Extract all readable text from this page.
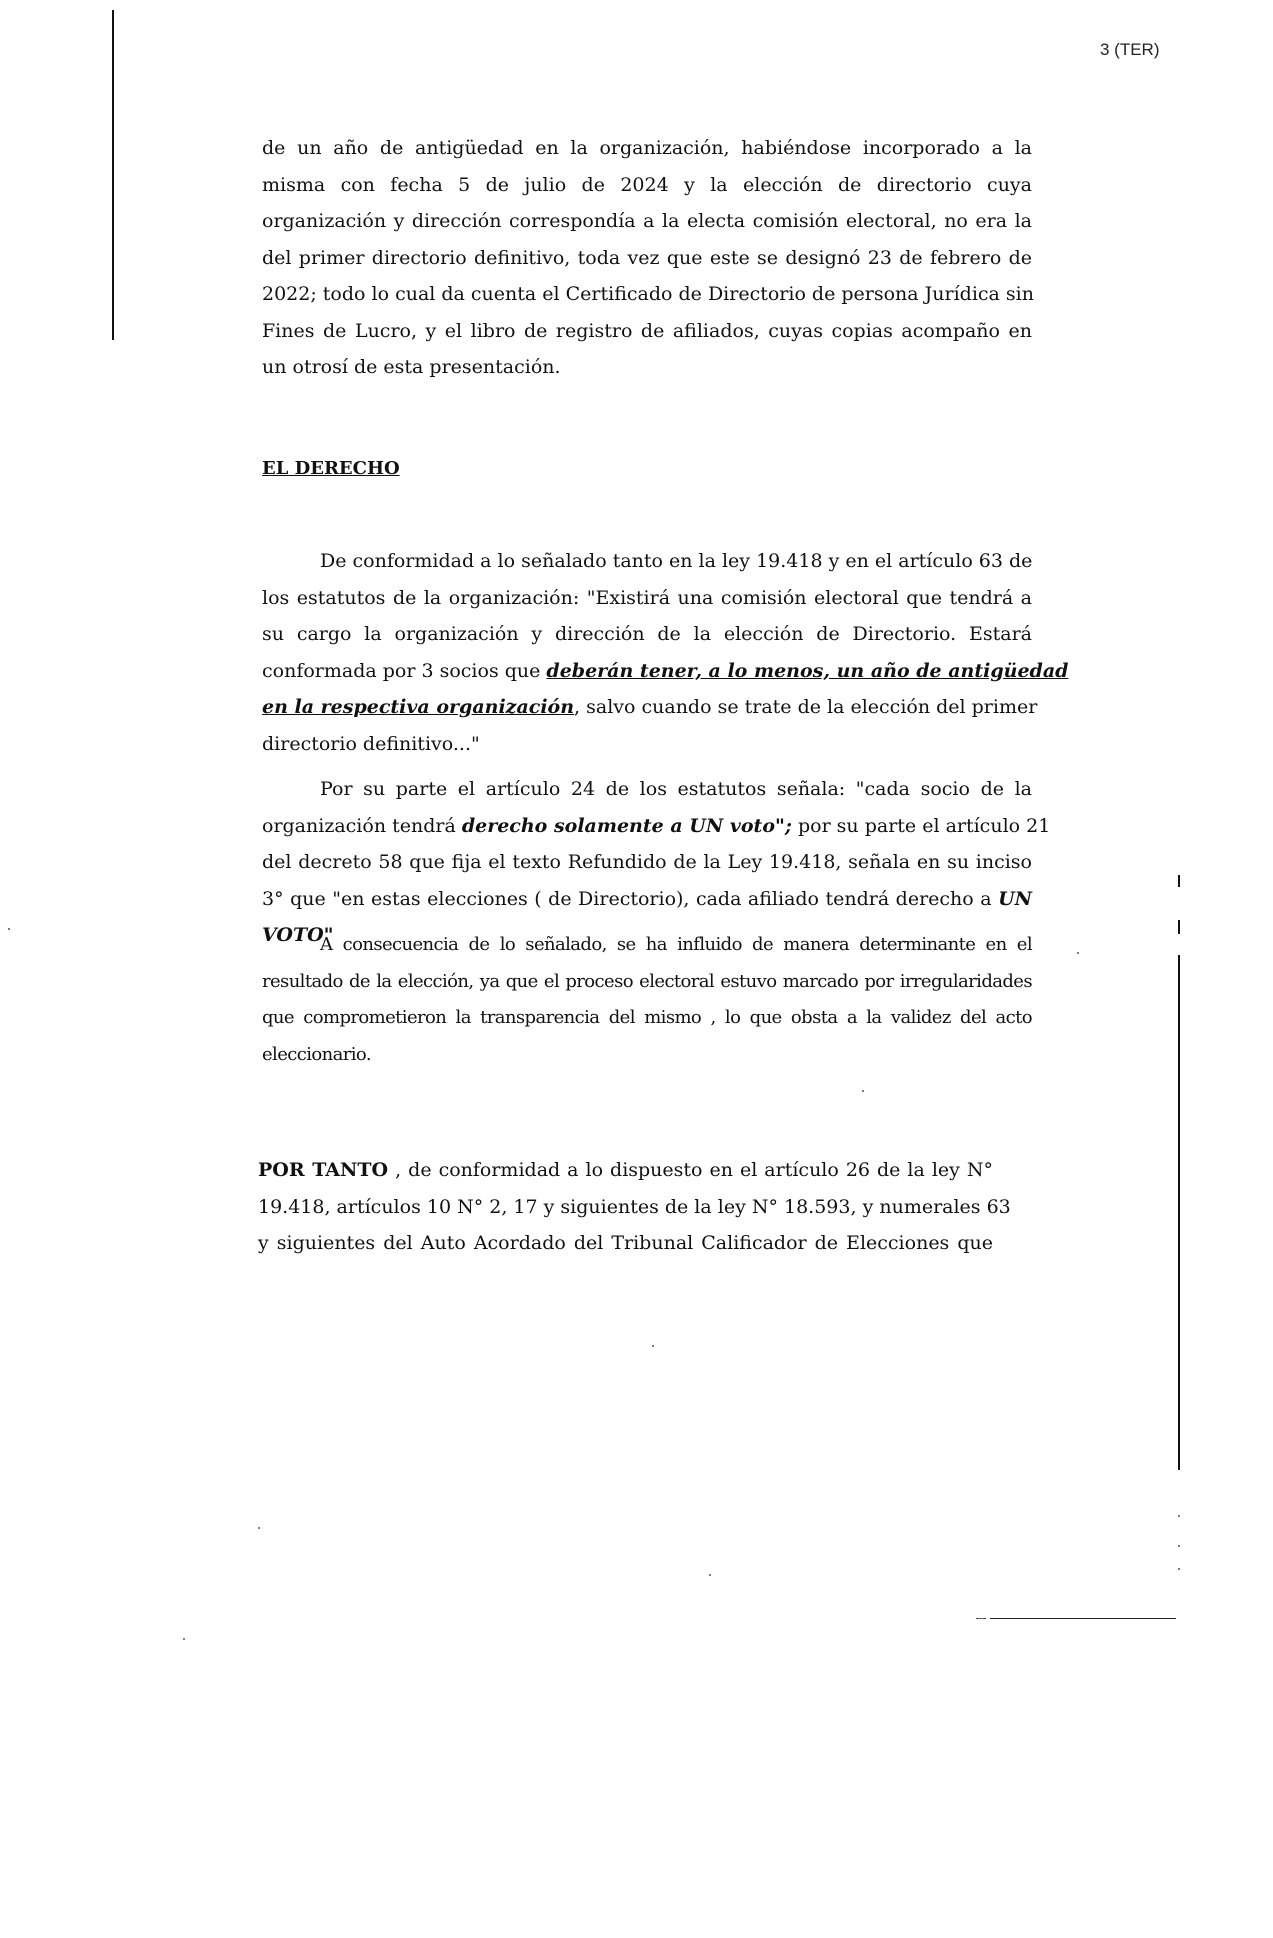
3 (TER)

de un año de antigüedad en la organización, habiéndose incorporado a la
misma con fecha 5 de julio de 2024 y la elección de directorio cuya
organización y dirección correspondía a la electa comisión electoral, no era la
del primer directorio definitivo, toda vez que este se designó 23 de febrero de
2022; todo lo cual da cuenta el Certificado de Directorio de persona Jurídica sin
Fines de Lucro, y el libro de registro de afiliados, cuyas copias acompaño en
un otrosí de esta presentación.

EL DERECHO

De conformidad a lo señalado tanto en la ley 19.418 y en el artículo 63 de
los estatutos de la organización: "Existirá una comisión electoral que tendrá a
su cargo la organización y dirección de la elección de Directorio. Estará
conformada por 3 socios que deberán tener, a lo menos, un año de antigüedad
en la respectiva organización, salvo cuando se trate de la elección del primer
directorio definitivo..."

Por su parte el artículo 24 de los estatutos señala: "cada socio de la
organización tendrá derecho solamente a UN voto"; por su parte el artículo 21
del decreto 58 que fija el texto Refundido de la Ley 19.418, señala en su inciso
3° que "en estas elecciones ( de Directorio), cada afiliado tendrá derecho a UN
VOTO"

A consecuencia de lo señalado, se ha influido de manera determinante en el
resultado de la elección, ya que el proceso electoral estuvo marcado por irregularidades
que comprometieron la transparencia del mismo , lo que obsta a la validez del acto
eleccionario.

POR TANTO , de conformidad a lo dispuesto en el artículo 26 de la ley N°
19.418, artículos 10 N° 2, 17 y siguientes de la ley N° 18.593, y numerales 63
y siguientes del Auto Acordado del Tribunal Calificador de Elecciones que
